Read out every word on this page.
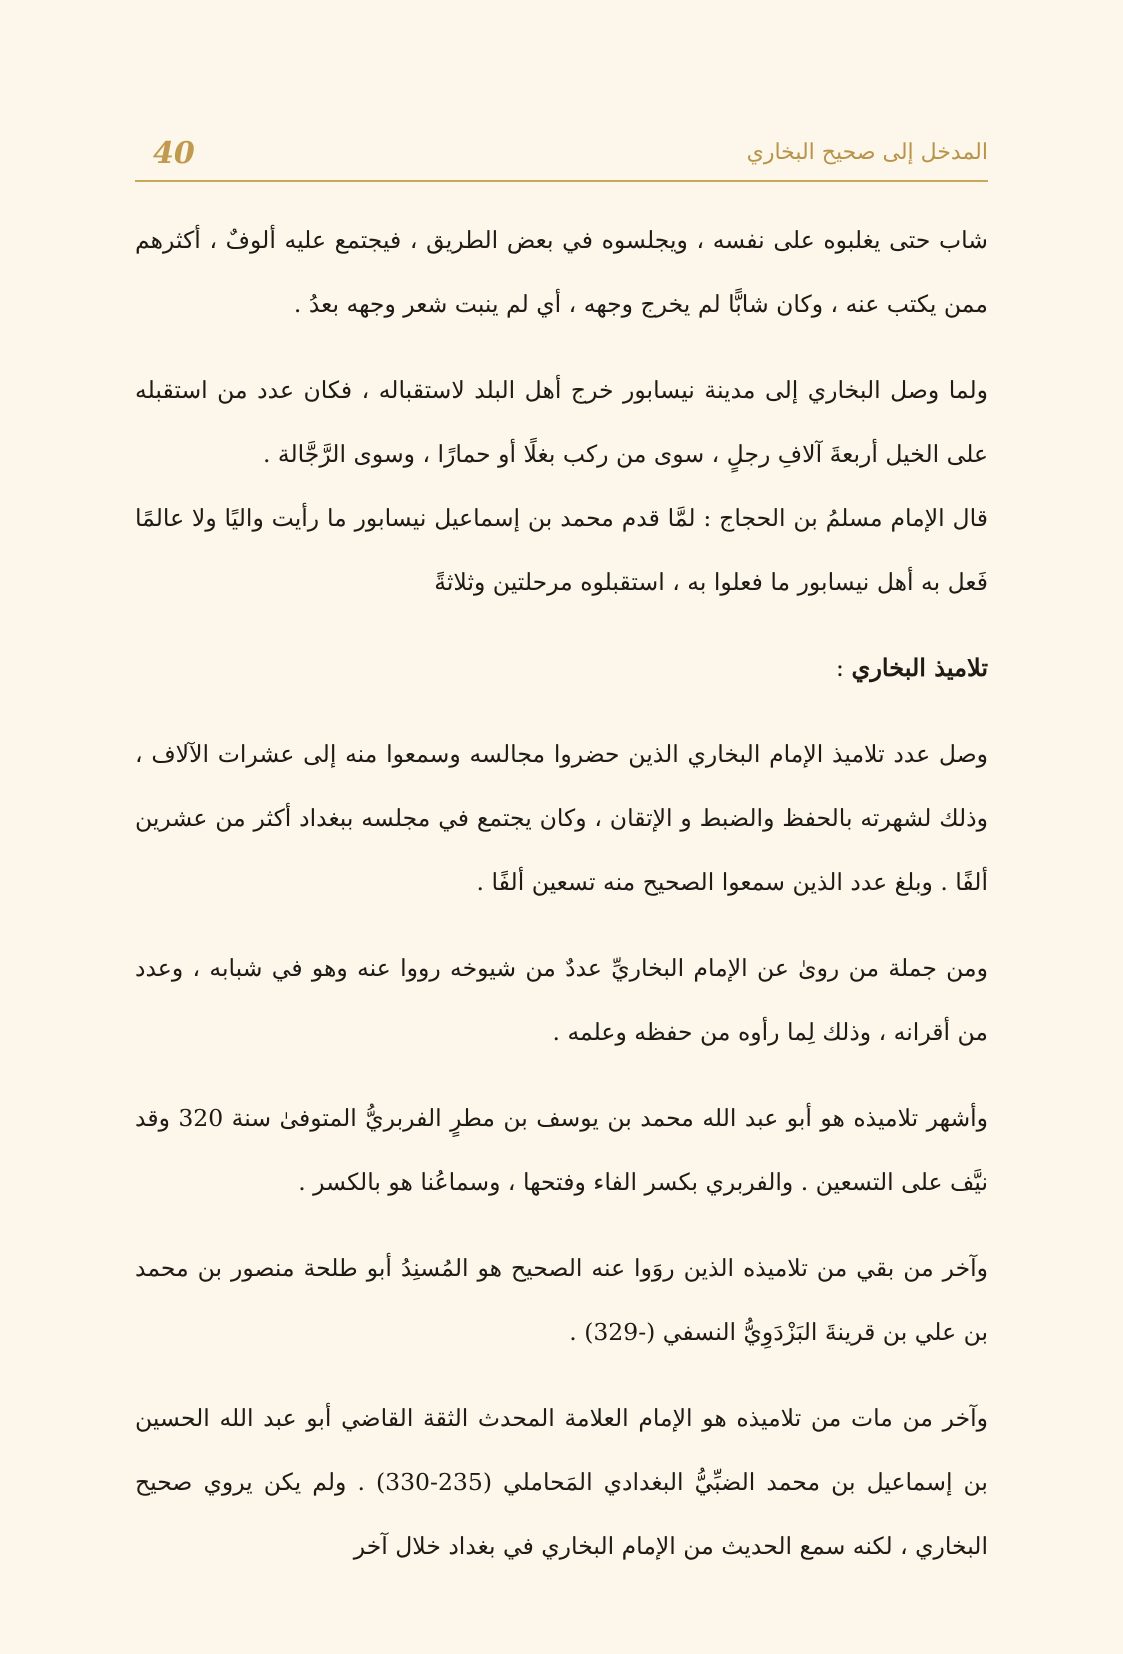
40	المدخل إلى صحيح البخاري

شاب حتى يغلبوه على نفسه ، ويجلسوه في بعض الطريق ، فيجتمع عليه ألوفٌ ، أكثرهم ممن يكتب عنه ، وكان شابًّا لم يخرج وجهه ، أي لم ينبت شعر وجهه بعدُ .

ولما وصل البخاري إلى مدينة نيسابور خرج أهل البلد لاستقباله ، فكان عدد من استقبله على الخيل أربعةَ آلافِ رجلٍ ، سوى من ركب بغلًا أو حمارًا ، وسوى الرَّجَّالة .

قال الإمام مسلمُ بن الحجاج : لمَّا قدم محمد بن إسماعيل نيسابور ما رأيت واليًا ولا عالمًا فَعل به أهل نيسابور ما فعلوا به ، استقبلوه مرحلتين وثلاثةً

تلاميذ البخاري :

وصل عدد تلاميذ الإمام البخاري الذين حضروا مجالسه وسمعوا منه إلى عشرات الآلاف ، وذلك لشهرته بالحفظ والضبط و الإتقان ، وكان يجتمع في مجلسه ببغداد أكثر من عشرين ألفًا . وبلغ عدد الذين سمعوا الصحيح منه تسعين ألفًا .

ومن جملة من روىٰ عن الإمام البخاريِّ عددٌ من شيوخه رووا عنه وهو في شبابه ، وعدد من أقرانه ، وذلك لِما رأوه من حفظه وعلمه .

وأشهر تلاميذه هو أبو عبد الله محمد بن يوسف بن مطرٍ الفربريُّ المتوفىٰ سنة 320 وقد نيَّف على التسعين . والفربري بكسر الفاء وفتحها ، وسماعُنا هو بالكسر .

وآخر من بقي من تلاميذه الذين روَوا عنه الصحيح هو المُسنِدُ أبو طلحة منصور بن محمد بن علي بن قرينةَ البَزْدَوِيُّ النسفي (-329) .

وآخر من مات من تلاميذه هو الإمام العلامة المحدث الثقة القاضي أبو عبد الله الحسين بن إسماعيل بن محمد الضبِّيُّ البغدادي المَحاملي (235-330) . ولم يكن يروي صحيح البخاري ، لكنه سمع الحديث من الإمام البخاري في بغداد خلال آخر
